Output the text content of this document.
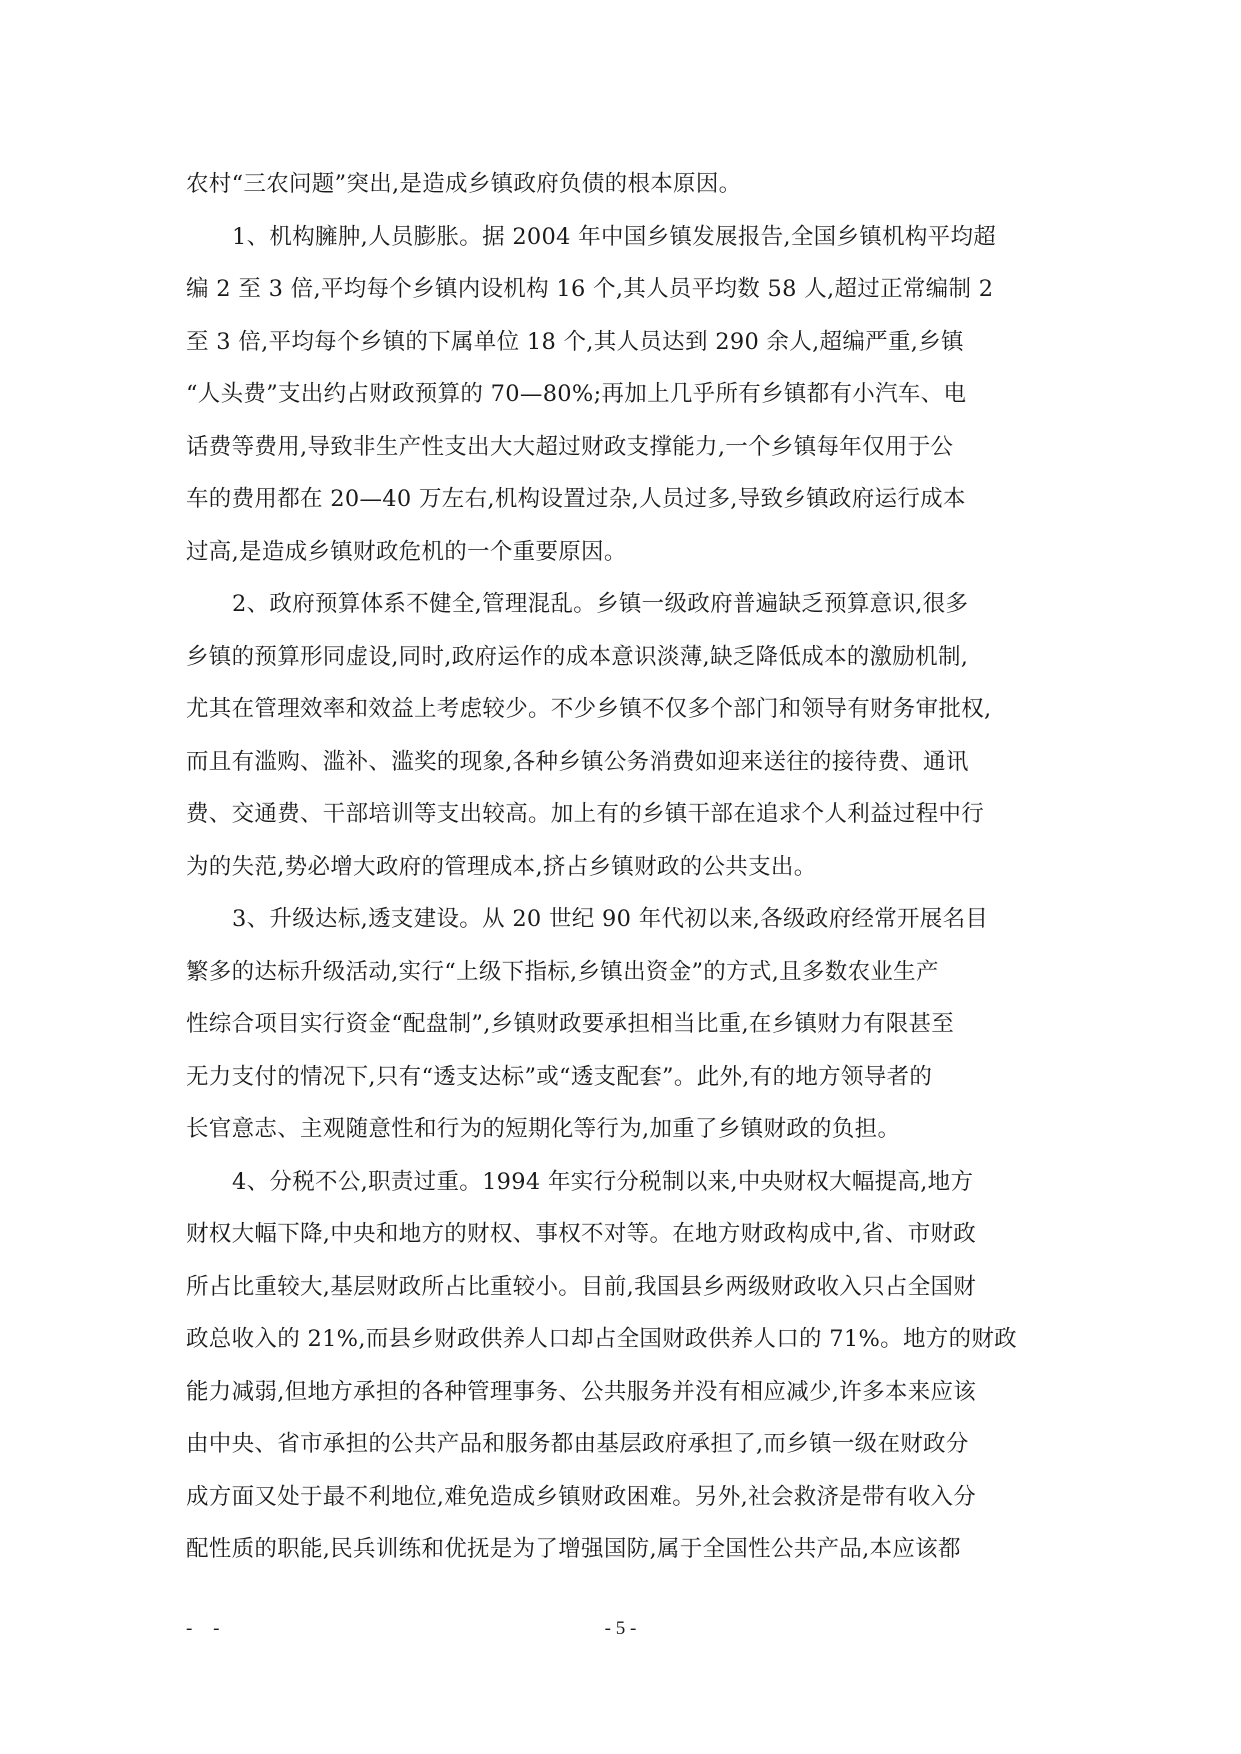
农村“三农问题”突出,是造成乡镇政府负债的根本原因。
1、机构臃肿,人员膨胀。据 2004 年中国乡镇发展报告,全国乡镇机构平均超
编 2 至 3 倍,平均每个乡镇内设机构 16 个,其人员平均数 58 人,超过正常编制 2
至 3 倍,平均每个乡镇的下属单位 18 个,其人员达到 290 余人,超编严重,乡镇
“人头费”支出约占财政预算的 70—80%;再加上几乎所有乡镇都有小汽车、电
话费等费用,导致非生产性支出大大超过财政支撑能力,一个乡镇每年仅用于公
车的费用都在 20—40 万左右,机构设置过杂,人员过多,导致乡镇政府运行成本
过高,是造成乡镇财政危机的一个重要原因。
2、政府预算体系不健全,管理混乱。乡镇一级政府普遍缺乏预算意识,很多
乡镇的预算形同虚设,同时,政府运作的成本意识淡薄,缺乏降低成本的激励机制,
尤其在管理效率和效益上考虑较少。不少乡镇不仅多个部门和领导有财务审批权,
而且有滥购、滥补、滥奖的现象,各种乡镇公务消费如迎来送往的接待费、通讯
费、交通费、干部培训等支出较高。加上有的乡镇干部在追求个人利益过程中行
为的失范,势必增大政府的管理成本,挤占乡镇财政的公共支出。
3、升级达标,透支建设。从 20 世纪 90 年代初以来,各级政府经常开展名目
繁多的达标升级活动,实行“上级下指标,乡镇出资金”的方式,且多数农业生产
性综合项目实行资金“配盘制”,乡镇财政要承担相当比重,在乡镇财力有限甚至
无力支付的情况下,只有“透支达标”或“透支配套”。此外,有的地方领导者的
长官意志、主观随意性和行为的短期化等行为,加重了乡镇财政的负担。
4、分税不公,职责过重。1994 年实行分税制以来,中央财权大幅提高,地方
财权大幅下降,中央和地方的财权、事权不对等。在地方财政构成中,省、市财政
所占比重较大,基层财政所占比重较小。目前,我国县乡两级财政收入只占全国财
政总收入的 21%,而县乡财政供养人口却占全国财政供养人口的 71%。地方的财政
能力减弱,但地方承担的各种管理事务、公共服务并没有相应减少,许多本来应该
由中央、省市承担的公共产品和服务都由基层政府承担了,而乡镇一级在财政分
成方面又处于最不利地位,难免造成乡镇财政困难。另外,社会救济是带有收入分
配性质的职能,民兵训练和优抚是为了增强国防,属于全国性公共产品,本应该都
- -	- 5 -
